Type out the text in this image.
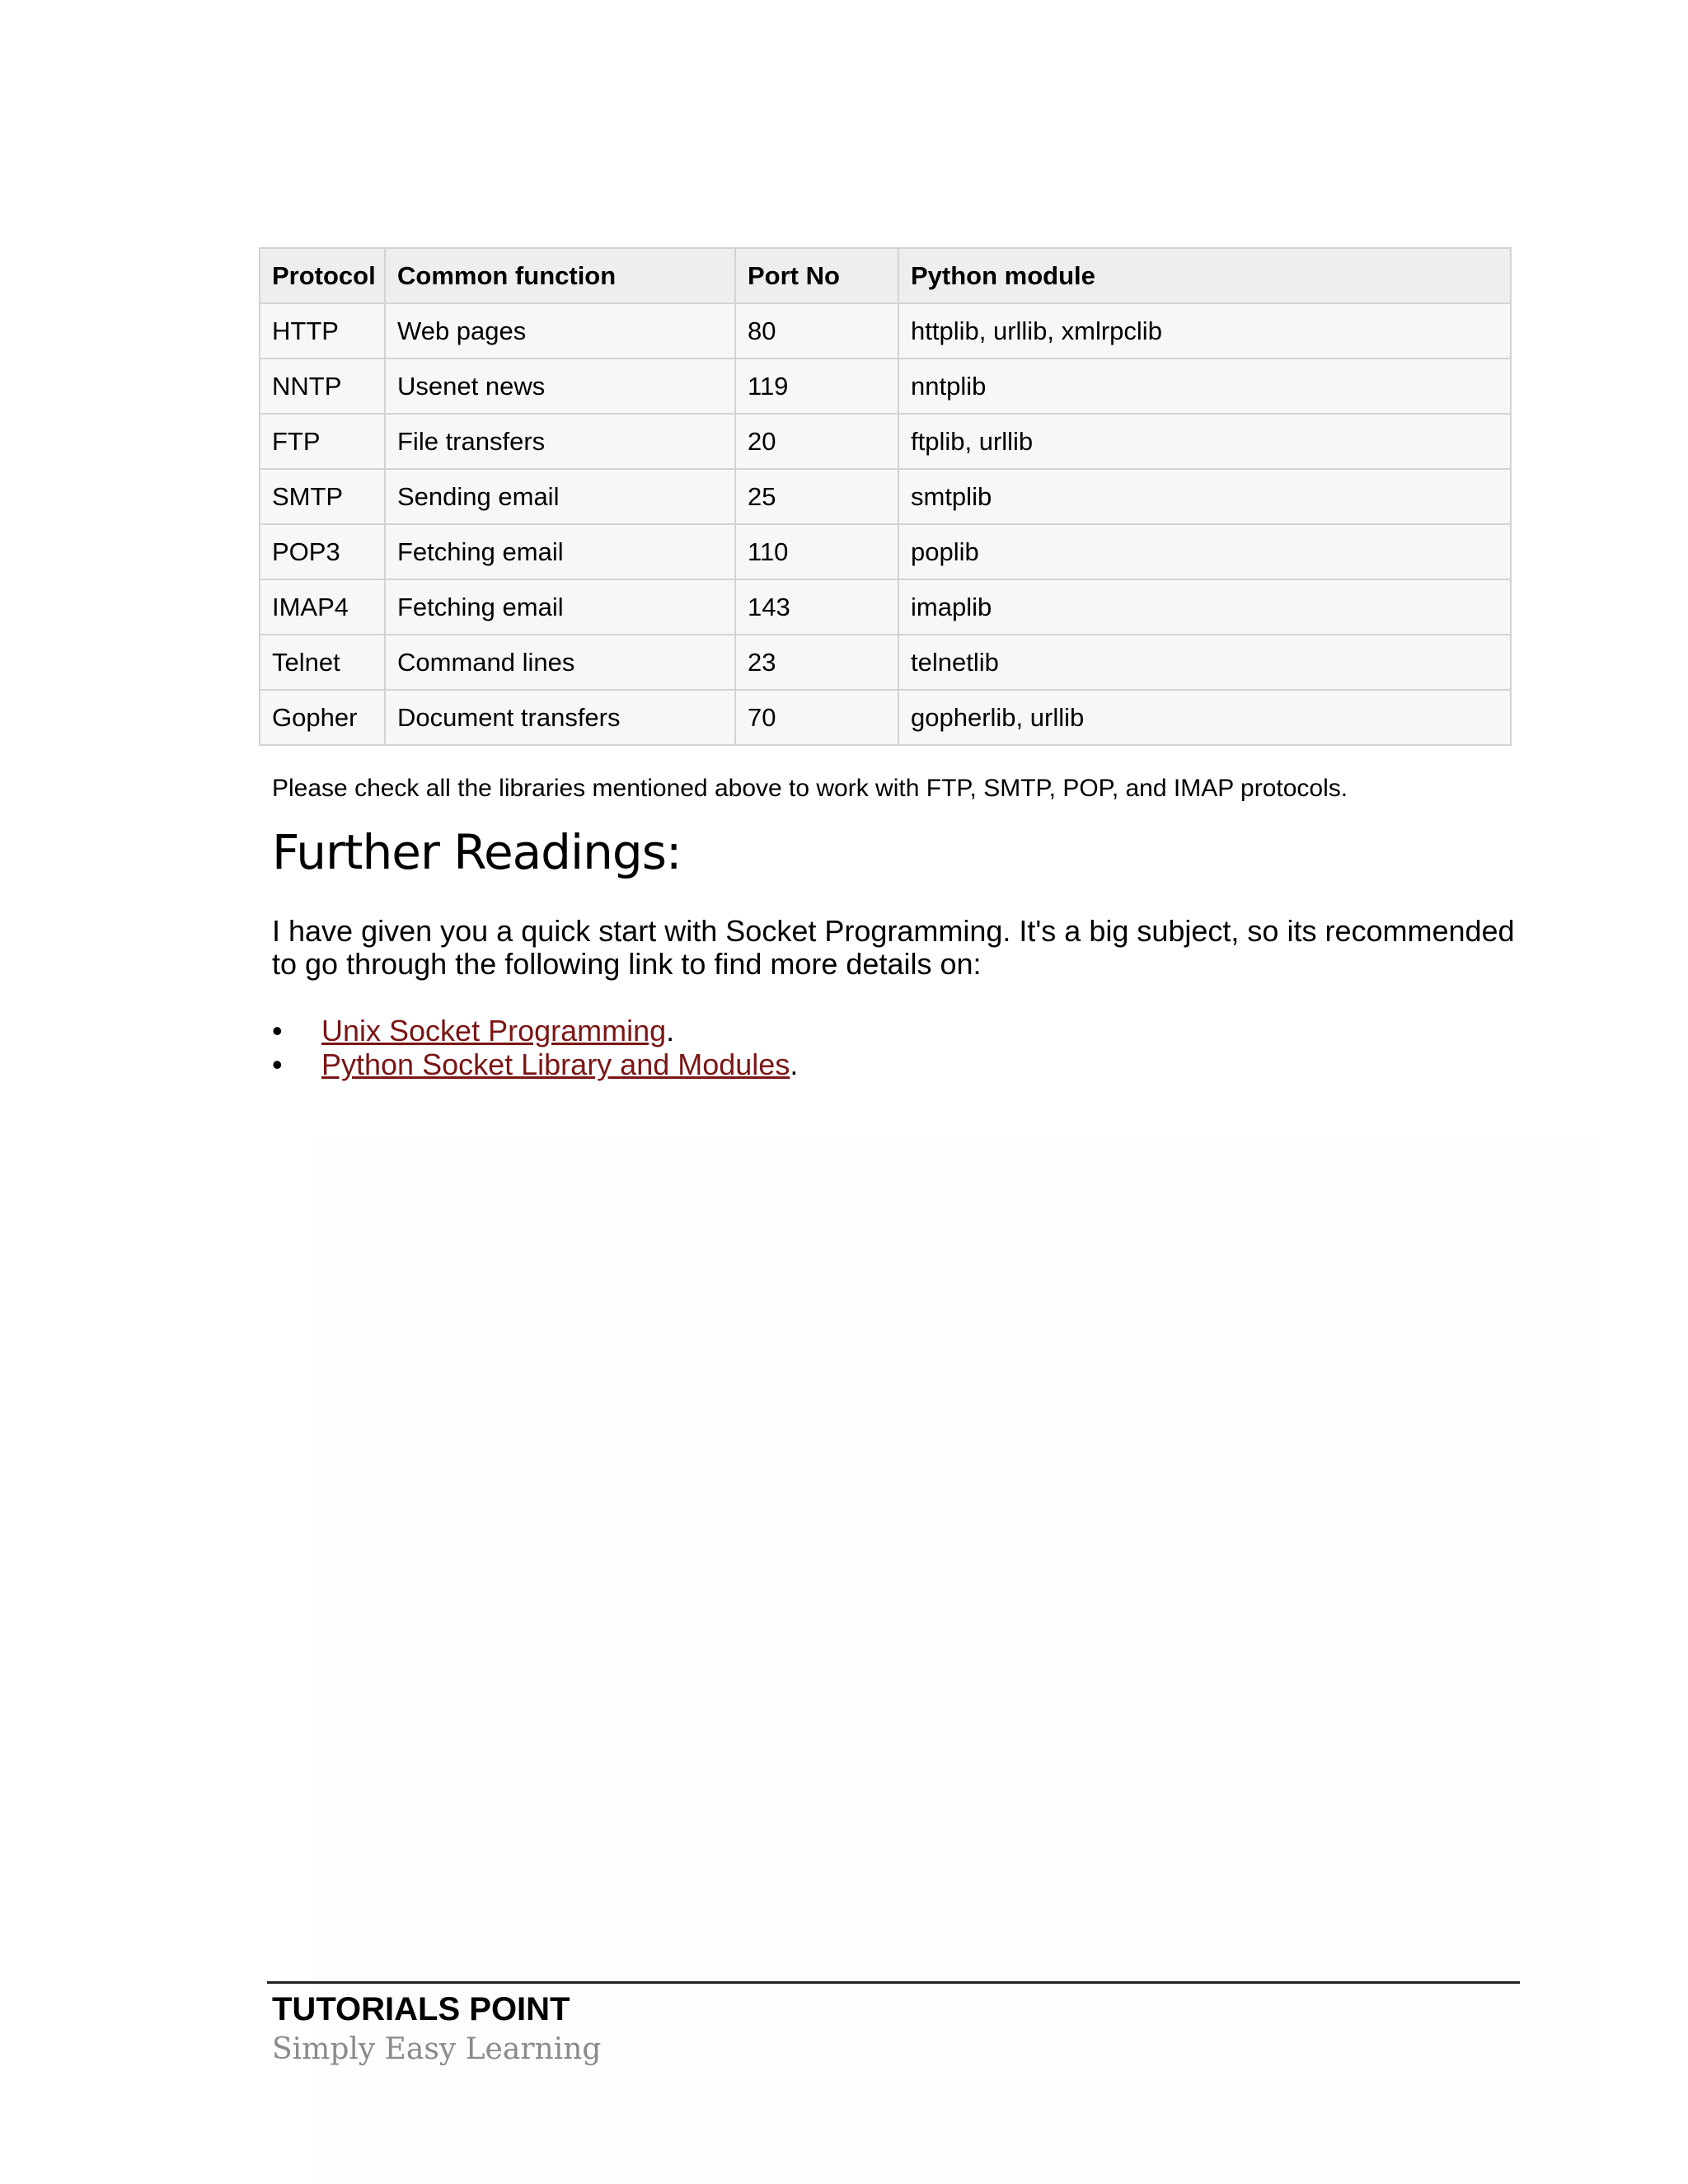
Protocol	Common function	Port No	Python module
HTTP	Web pages	80	httplib, urllib, xmlrpclib
NNTP	Usenet news	119	nntplib
FTP	File transfers	20	ftplib, urllib
SMTP	Sending email	25	smtplib
POP3	Fetching email	110	poplib
IMAP4	Fetching email	143	imaplib
Telnet	Command lines	23	telnetlib
Gopher	Document transfers	70	gopherlib, urllib
Please check all the libraries mentioned above to work with FTP, SMTP, POP, and IMAP protocols.
Further Readings:

I have given you a quick start with Socket Programming. It's a big subject, so its recommended to go through the following link to find more details on:

• Unix Socket Programming.
• Python Socket Library and Modules.
TUTORIALS POINT
Simply Easy Learning
